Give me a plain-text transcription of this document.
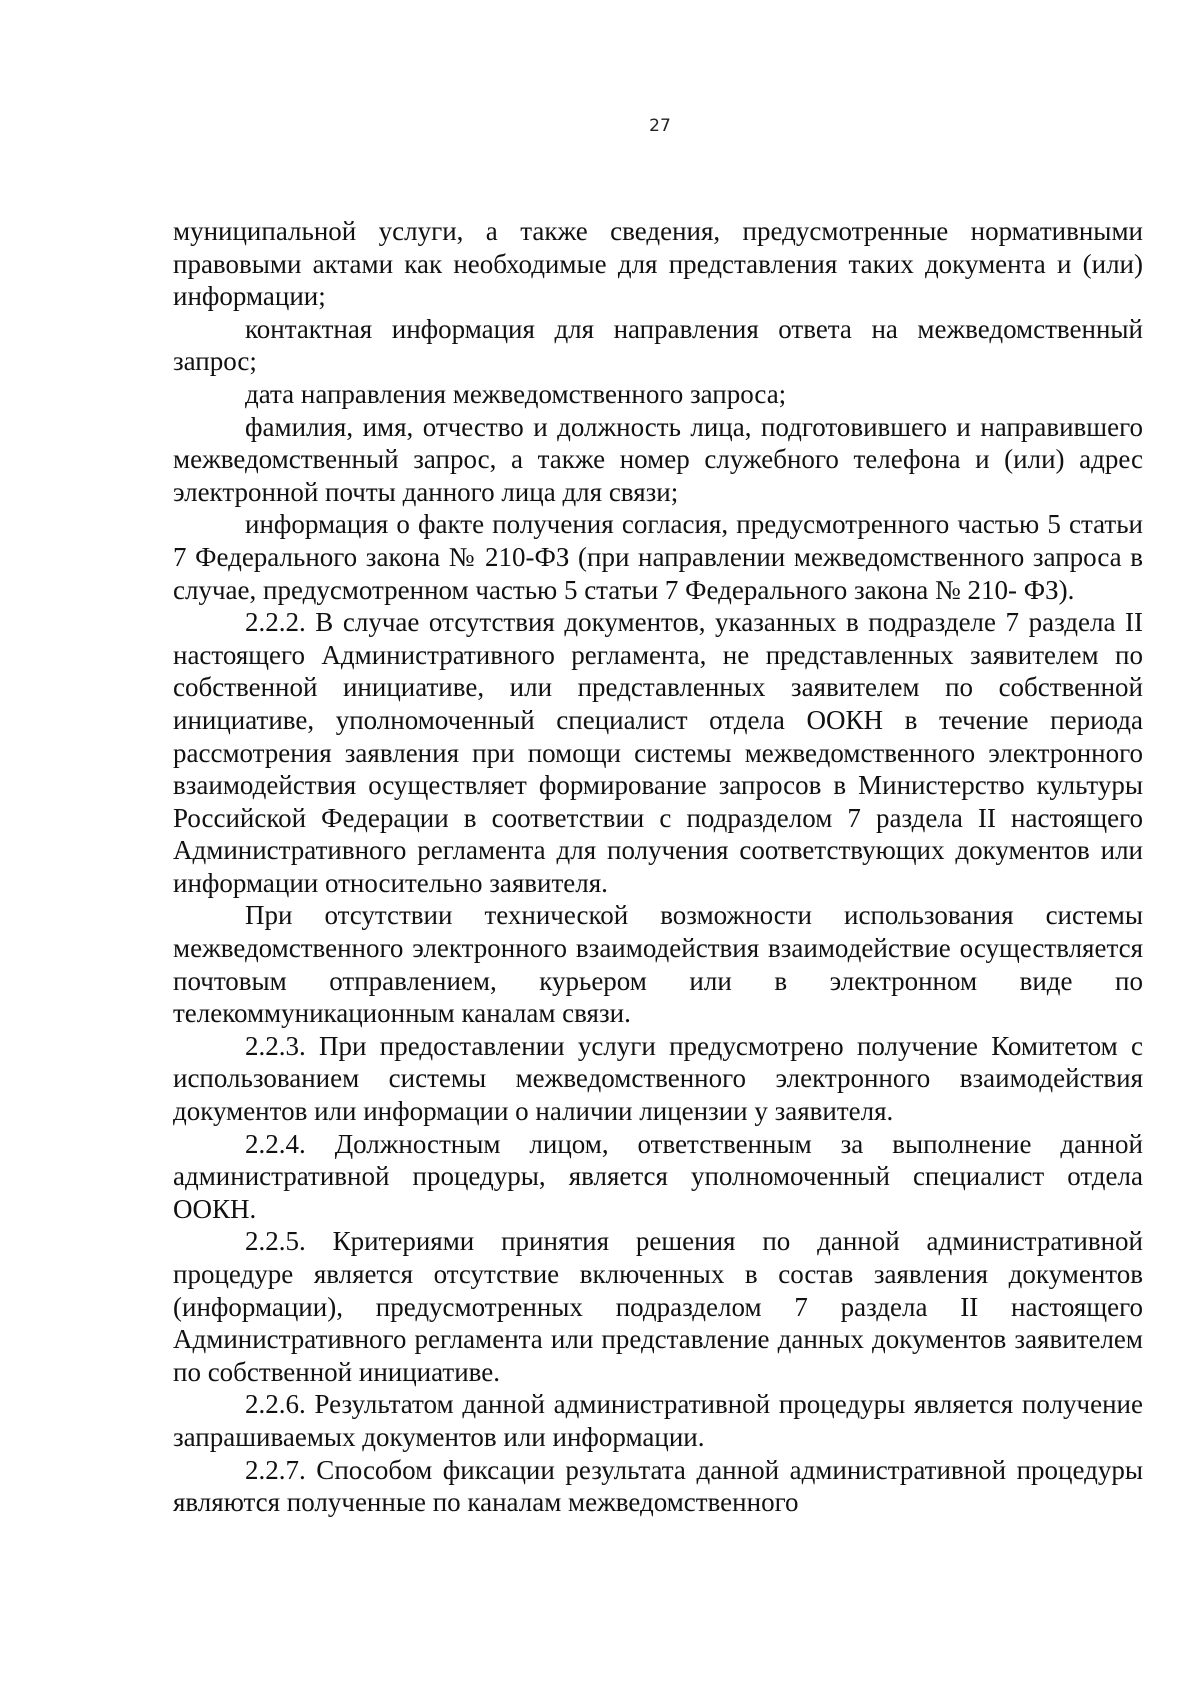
27

муниципальной услуги, а также сведения, предусмотренные нормативными правовыми актами как необходимые для представления таких документа и (или) информации;

контактная информация для направления ответа на межведомственный запрос;

дата направления межведомственного запроса;

фамилия, имя, отчество и должность лица, подготовившего и направившего межведомственный запрос, а также номер служебного телефона и (или) адрес электронной почты данного лица для связи;

информация о факте получения согласия, предусмотренного частью 5 статьи 7 Федерального закона № 210-ФЗ (при направлении межведомственного запроса в случае, предусмотренном частью 5 статьи 7 Федерального закона № 210- ФЗ).

2.2.2. В случае отсутствия документов, указанных в подразделе 7 раздела II настоящего Административного регламента, не представленных заявителем по собственной инициативе, или представленных заявителем по собственной инициативе, уполномоченный специалист отдела ООКН в течение периода рассмотрения заявления при помощи системы межведомственного электронного взаимодействия осуществляет формирование запросов в Министерство культуры Российской Федерации в соответствии с подразделом 7 раздела II настоящего Административного регламента для получения соответствующих документов или информации относительно заявителя.

При отсутствии технической возможности использования системы межведомственного электронного взаимодействия взаимодействие осуществляется почтовым отправлением, курьером или в электронном виде по телекоммуникационным каналам связи.

2.2.3. При предоставлении услуги предусмотрено получение Комитетом с использованием системы межведомственного электронного взаимодействия документов или информации о наличии лицензии у заявителя.

2.2.4. Должностным лицом, ответственным за выполнение данной административной процедуры, является уполномоченный специалист отдела ООКН.

2.2.5. Критериями принятия решения по данной административной процедуре является отсутствие включенных в состав заявления документов (информации), предусмотренных подразделом 7 раздела II настоящего Административного регламента или представление данных документов заявителем по собственной инициативе.

2.2.6. Результатом данной административной процедуры является получение запрашиваемых документов или информации.

2.2.7. Способом фиксации результата данной административной процедуры являются полученные по каналам межведомственного
